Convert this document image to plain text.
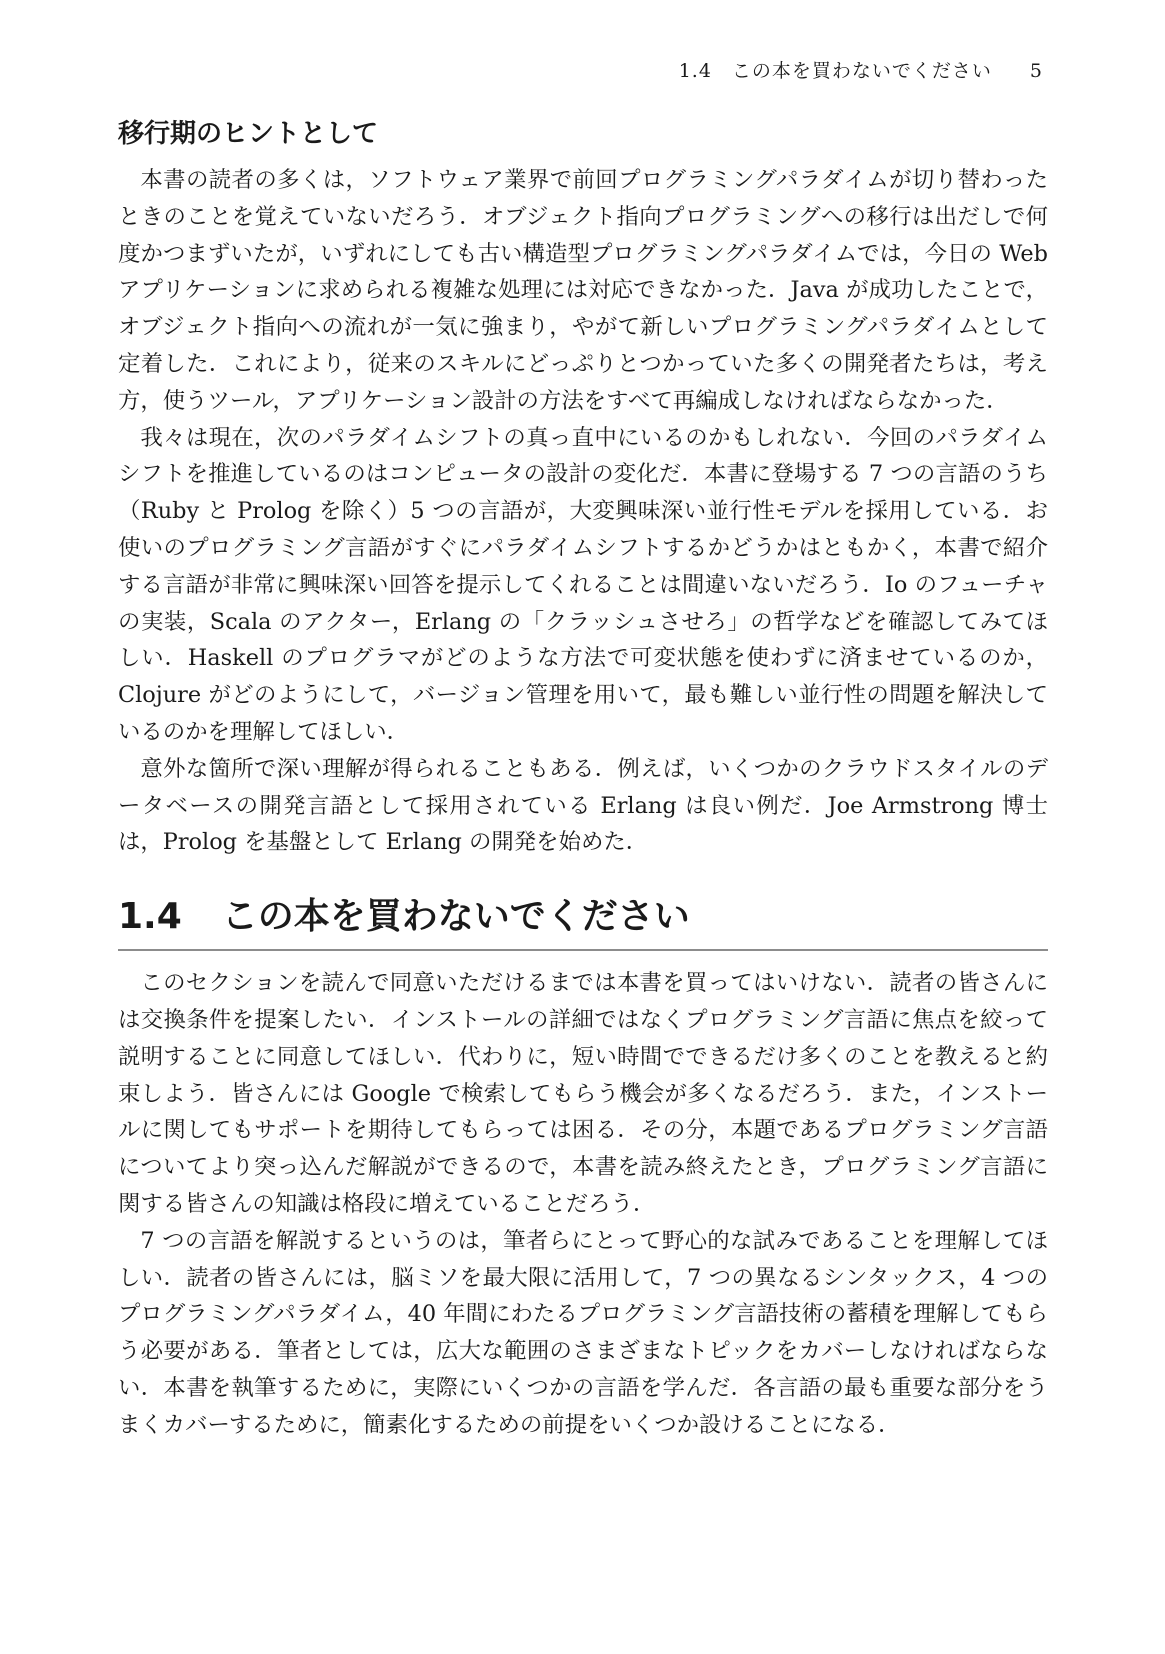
1.4　この本を買わないでください 5
移行期のヒントとして

本書の読者の多くは，ソフトウェア業界で前回プログラミングパラダイムが切り替わったときのことを覚えていないだろう．オブジェクト指向プログラミングへの移行は出だしで何度かつまずいたが，いずれにしても古い構造型プログラミングパラダイムでは，今日の Web アプリケーションに求められる複雑な処理には対応できなかった．Java が成功したことで，オブジェクト指向への流れが一気に強まり，やがて新しいプログラミングパラダイムとして定着した．これにより，従来のスキルにどっぷりとつかっていた多くの開発者たちは，考え方，使うツール，アプリケーション設計の方法をすべて再編成しなければならなかった．

我々は現在，次のパラダイムシフトの真っ直中にいるのかもしれない．今回のパラダイムシフトを推進しているのはコンピュータの設計の変化だ．本書に登場する 7 つの言語のうち（Ruby と Prolog を除く）5 つの言語が，大変興味深い並行性モデルを採用している．お使いのプログラミング言語がすぐにパラダイムシフトするかどうかはともかく，本書で紹介する言語が非常に興味深い回答を提示してくれることは間違いないだろう．Io のフューチャの実装，Scala のアクター，Erlang の「クラッシュさせろ」の哲学などを確認してみてほしい．Haskell のプログラマがどのような方法で可変状態を使わずに済ませているのか，Clojure がどのようにして，バージョン管理を用いて，最も難しい並行性の問題を解決しているのかを理解してほしい．

意外な箇所で深い理解が得られることもある．例えば，いくつかのクラウドスタイルのデータベースの開発言語として採用されている Erlang は良い例だ．Joe Armstrong 博士は，Prolog を基盤として Erlang の開発を始めた．

1.4 この本を買わないでください

このセクションを読んで同意いただけるまでは本書を買ってはいけない．読者の皆さんには交換条件を提案したい．インストールの詳細ではなくプログラミング言語に焦点を絞って説明することに同意してほしい．代わりに，短い時間でできるだけ多くのことを教えると約束しよう．皆さんには Google で検索してもらう機会が多くなるだろう．また，インストールに関してもサポートを期待してもらっては困る．その分，本題であるプログラミング言語についてより突っ込んだ解説ができるので，本書を読み終えたとき，プログラミング言語に関する皆さんの知識は格段に増えていることだろう．

7 つの言語を解説するというのは，筆者らにとって野心的な試みであることを理解してほしい．読者の皆さんには，脳ミソを最大限に活用して，7 つの異なるシンタックス，4 つのプログラミングパラダイム，40 年間にわたるプログラミング言語技術の蓄積を理解してもらう必要がある．筆者としては，広大な範囲のさまざまなトピックをカバーしなければならない．本書を執筆するために，実際にいくつかの言語を学んだ．各言語の最も重要な部分をうまくカバーするために，簡素化するための前提をいくつか設けることになる．
